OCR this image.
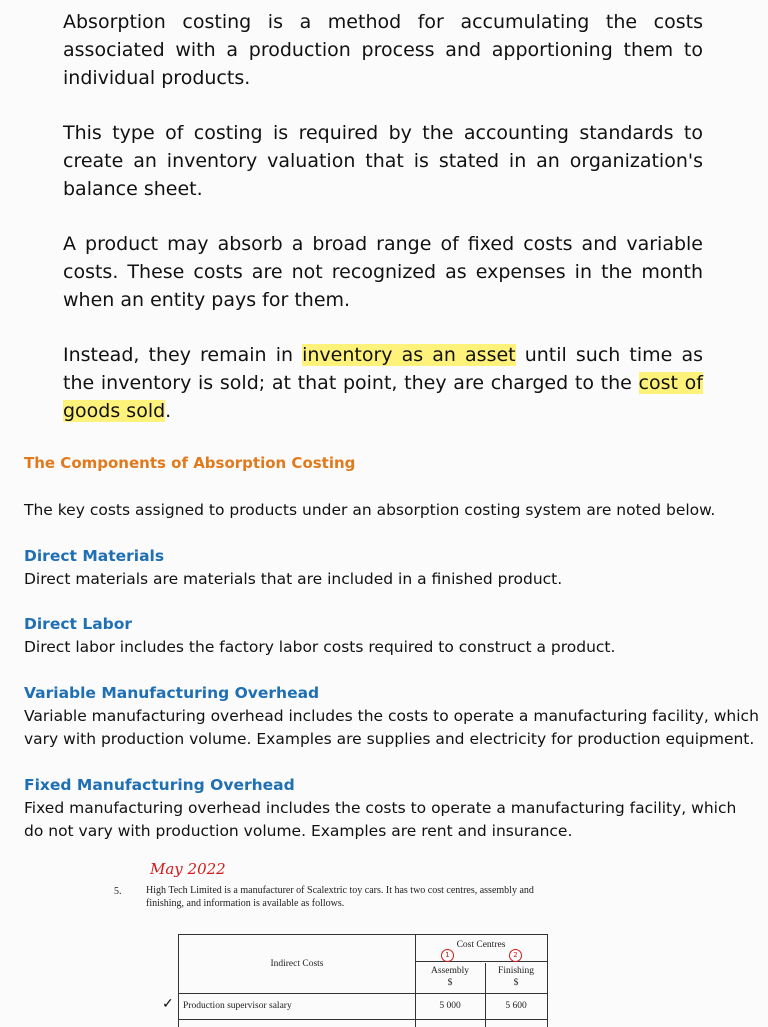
Absorption costing is a method for accumulating the costs associated with a production process and apportioning them to individual products.

This type of costing is required by the accounting standards to create an inventory valuation that is stated in an organization's balance sheet.

A product may absorb a broad range of fixed costs and variable costs. These costs are not recognized as expenses in the month when an entity pays for them.

Instead, they remain in inventory as an asset until such time as the inventory is sold; at that point, they are charged to the cost of goods sold.

The Components of Absorption Costing
The key costs assigned to products under an absorption costing system are noted below.
Direct Materials
Direct materials are materials that are included in a finished product.
Direct Labor
Direct labor includes the factory labor costs required to construct a product.
Variable Manufacturing Overhead
Variable manufacturing overhead includes the costs to operate a manufacturing facility, which vary with production volume. Examples are supplies and electricity for production equipment.
Fixed Manufacturing Overhead
Fixed manufacturing overhead includes the costs to operate a manufacturing facility, which do not vary with production volume. Examples are rent and insurance.
May 2022
5. High Tech Limited is a manufacturer of Scalextric toy cars. It has two cost centres, assembly and finishing, and information is available as follows.
Indirect Costs
Cost Centres
1	2
Assembly
$
Finishing
$
Production supervisor salary	5 000	5 600
✓
